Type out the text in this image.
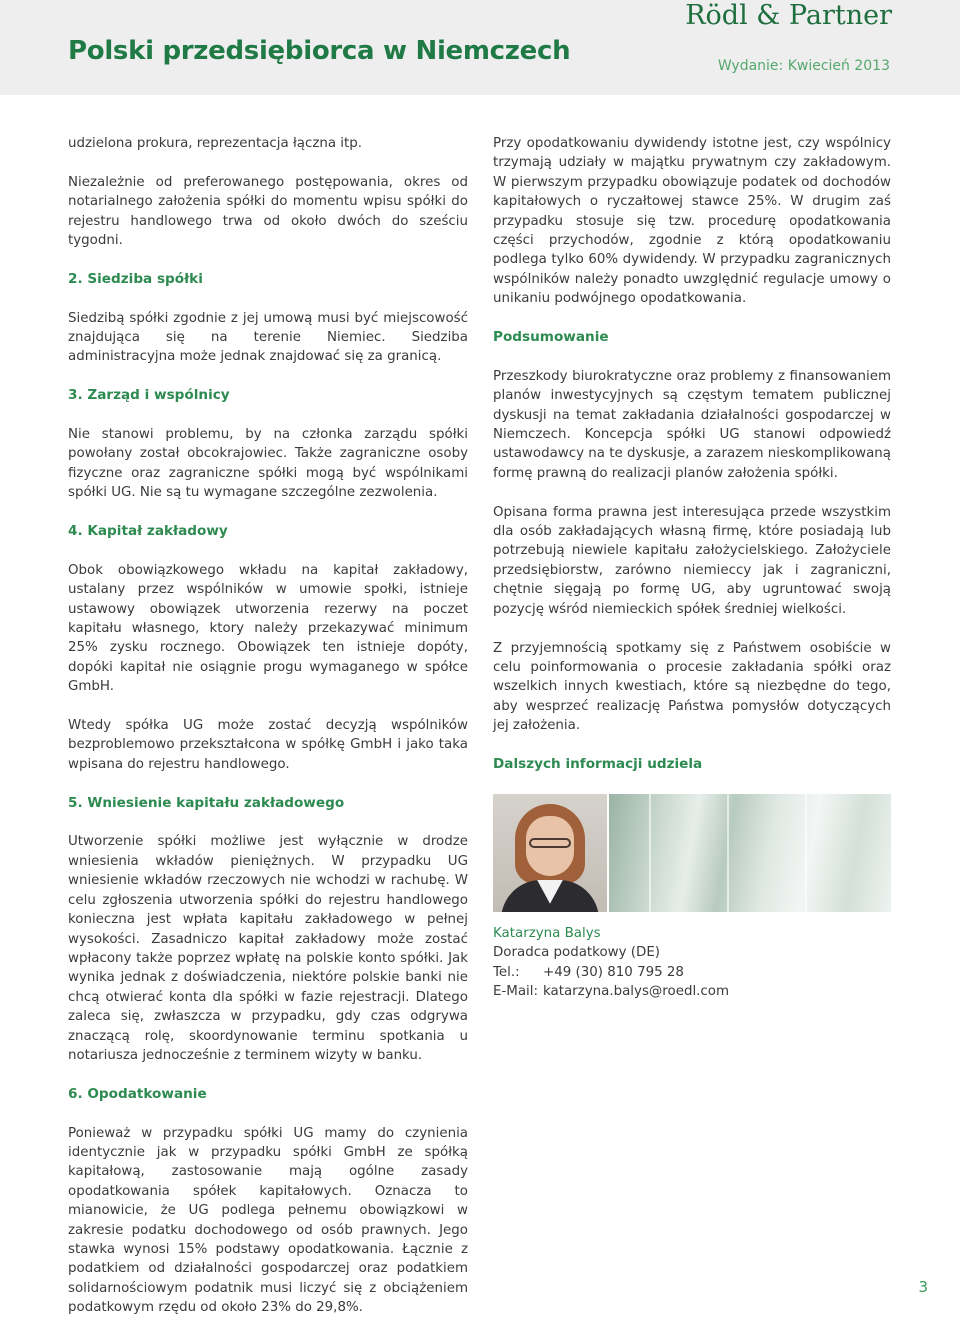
Polski przedsiębiorca w Niemczech
Rödl & Partner
Wydanie: Kwiecień 2013

udzielona prokura, reprezentacja łączna itp.

Niezależnie od preferowanego postępowania, okres od notarialnego założenia spółki do momentu wpisu spółki do rejestru handlowego trwa od około dwóch do sześciu tygodni.

2. Siedziba spółki

Siedzibą spółki zgodnie z jej umową musi być miejscowość znajdująca się na terenie Niemiec. Siedziba administracyjna może jednak znajdować się za granicą.

3. Zarząd i wspólnicy

Nie stanowi problemu, by na członka zarządu spółki powołany został obcokrajowiec. Także zagraniczne osoby fizyczne oraz zagraniczne spółki mogą być wspólnikami spółki UG. Nie są tu wymagane szczególne zezwolenia.

4. Kapitał zakładowy

Obok obowiązkowego wkładu na kapitał zakładowy, ustalany przez wspólników w umowie społki, istnieje ustawowy obowiązek utworzenia rezerwy na poczet kapitału własnego, ktory należy przekazywać minimum 25% zysku rocznego. Obowiązek ten istnieje dopóty, dopóki kapitał nie osiągnie progu wymaganego w spółce GmbH.

Wtedy spółka UG może zostać decyzją wspólników bezproblemowo przekształcona w spółkę GmbH i jako taka wpisana do rejestru handlowego.

5. Wniesienie kapitału zakładowego

Utworzenie spółki możliwe jest wyłącznie w drodze wniesienia wkładów pieniężnych. W przypadku UG wniesienie wkładów rzeczowych nie wchodzi w rachubę. W celu zgłoszenia utworzenia spółki do rejestru handlowego konieczna jest wpłata kapitału zakładowego w pełnej wysokości. Zasadniczo kapitał zakładowy może zostać wpłacony także poprzez wpłatę na polskie konto spółki. Jak wynika jednak z doświadczenia, niektóre polskie banki nie chcą otwierać konta dla spółki w fazie rejestracji. Dlatego zaleca się, zwłaszcza w przypadku, gdy czas odgrywa znaczącą rolę, skoordynowanie terminu spotkania u notariusza jednocześnie z terminem wizyty w banku.

6. Opodatkowanie

Ponieważ w przypadku spółki UG mamy do czynienia identycznie jak w przypadku spółki GmbH ze spółką kapitałową, zastosowanie mają ogólne zasady opodatkowania spółek kapitałowych. Oznacza to mianowicie, że UG podlega pełnemu obowiązkowi w zakresie podatku dochodowego od osób prawnych. Jego stawka wynosi 15% podstawy opodatkowania. Łącznie z podatkiem od działalności gospodarczej oraz podatkiem solidarnościowym podatnik musi liczyć się z obciążeniem podatkowym rzędu od około 23% do 29,8%.

Przy opodatkowaniu dywidendy istotne jest, czy wspólnicy trzymają udziały w majątku prywatnym czy zakładowym. W pierwszym przypadku obowiązuje podatek od dochodów kapitałowych o ryczałtowej stawce 25%. W drugim zaś przypadku stosuje się tzw. procedurę opodatkowania części przychodów, zgodnie z którą opodatkowaniu podlega tylko 60% dywidendy. W przypadku zagranicznych wspólników należy ponadto uwzględnić regulacje umowy o unikaniu podwójnego opodatkowania.

Podsumowanie

Przeszkody biurokratyczne oraz problemy z finansowaniem planów inwestycyjnych są częstym tematem publicznej dyskusji na temat zakładania działalności gospodarczej w Niemczech. Koncepcja spółki UG stanowi odpowiedź ustawodawcy na te dyskusje, a zarazem nieskomplikowaną formę prawną do realizacji planów założenia spółki.

Opisana forma prawna jest interesująca przede wszystkim dla osób zakładających własną firmę, które posiadają lub potrzebują niewiele kapitału założycielskiego. Założyciele przedsiębiorstw, zarówno niemieccy jak i zagraniczni, chętnie sięgają po formę UG, aby ugruntować swoją pozycję wśród niemieckich spółek średniej wielkości.

Z przyjemnością spotkamy się z Państwem osobiście w celu poinformowania o procesie zakładania spółki oraz wszelkich innych kwestiach, które są niezbędne do tego, aby wesprzeć realizację Państwa pomysłów dotyczących jej założenia.

Dalszych informacji udziela
Katarzyna Balys
Doradca podatkowy (DE)
Tel.:	+49 (30) 810 795 28
E-Mail: katarzyna.balys@roedl.com
3
